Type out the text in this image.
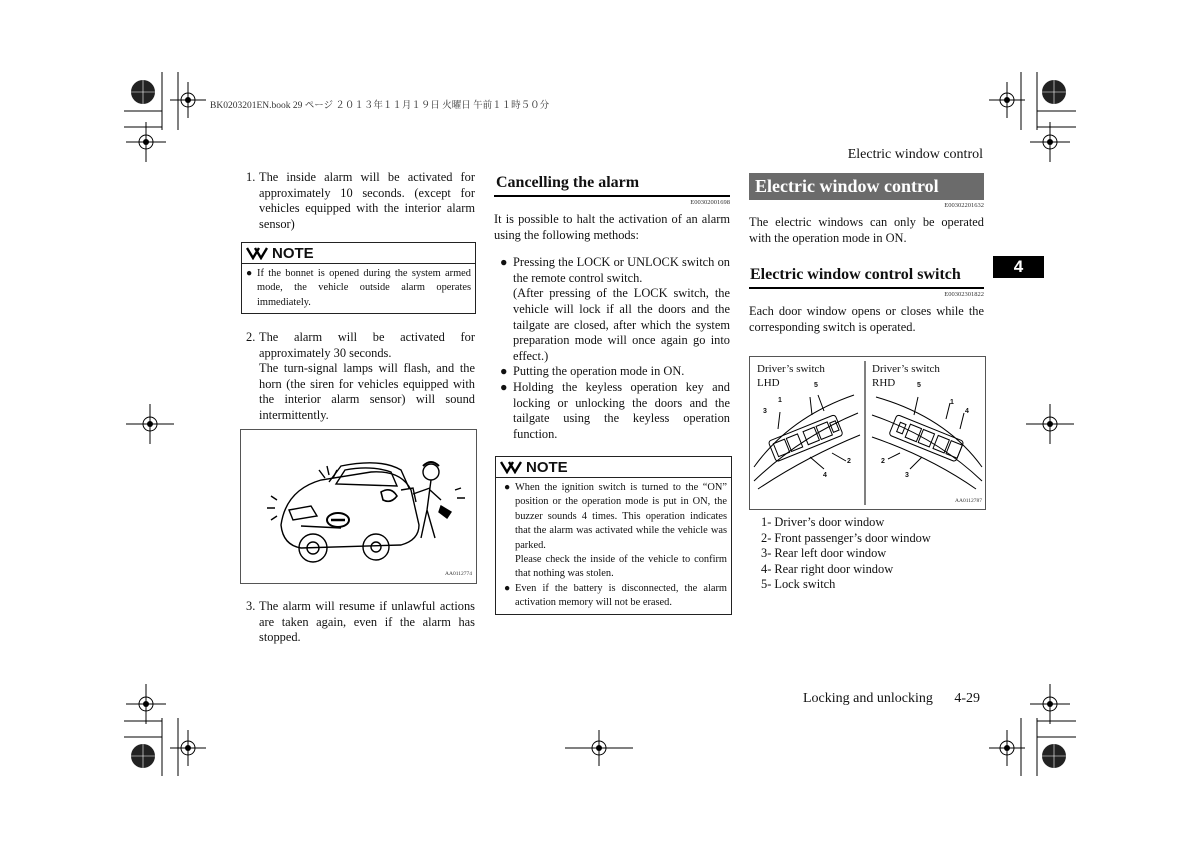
BK0203201EN.book 29 ページ ２０１３年１１月１９日 火曜日 午前１１時５０分
Electric window control
4
1. The inside alarm will be activated for approximately 10 seconds. (except for vehicles equipped with the interior alarm sensor)
NOTE
● If the bonnet is opened during the system armed mode, the vehicle outside alarm operates immediately.
2. The alarm will be activated for approximately 30 seconds.
The turn-signal lamps will flash, and the horn (the siren for vehicles equipped with the interior alarm sensor) will sound intermittently.
AA0112774
3. The alarm will resume if unlawful actions are taken again, even if the alarm has stopped.
Cancelling the alarm
E00302001698
It is possible to halt the activation of an alarm using the following methods:
● Pressing the LOCK or UNLOCK switch on the remote control switch.
(After pressing of the LOCK switch, the vehicle will lock if all the doors and the tailgate are closed, after which the system preparation mode will once again go into effect.)
● Putting the operation mode in ON.
● Holding the keyless operation key and locking or unlocking the doors and the tailgate using the keyless operation function.
NOTE
● When the ignition switch is turned to the “ON” position or the operation mode is put in ON, the buzzer sounds 4 times. This operation indicates that the alarm was activated while the vehicle was parked.
Please check the inside of the vehicle to confirm that nothing was stolen.
● Even if the battery is disconnected, the alarm activation memory will not be erased.
Electric window control
E00302201632
The electric windows can only be operated with the operation mode in ON.
Electric window control switch
E00302301822
Each door window opens or closes while the corresponding switch is operated.
Driver’s switch
LHD
Driver’s switch
RHD
1
5
3
2
4
5
1
4
2
3
AA0112787
1- Driver’s door window
2- Front passenger’s door window
3- Rear left door window
4- Rear right door window
5- Lock switch
Locking and unlocking 4-29
